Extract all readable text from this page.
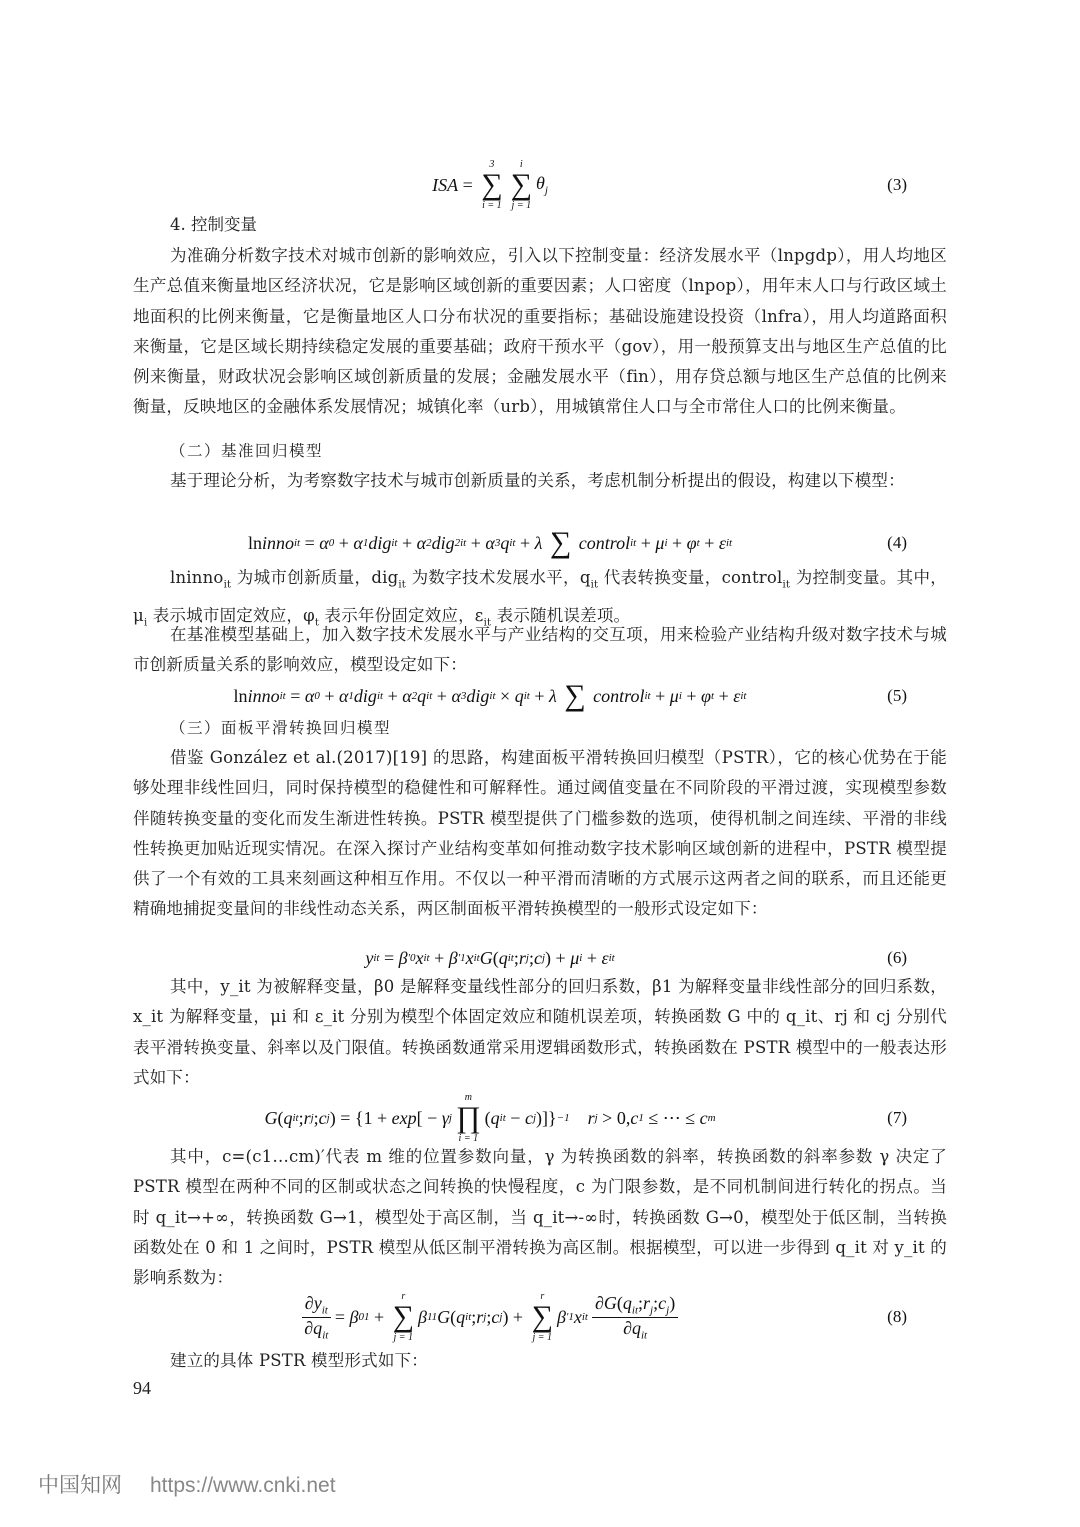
ISA =
3
∑
i = 1
i
∑
j = 1
$\theta_j$	(3)
4. 控制变量

为准确分析数字技术对城市创新的影响效应，引入以下控制变量：经济发展水平（lnpgdp），用人均地区生产总值来衡量地区经济状况，它是影响区域创新的重要因素；人口密度（lnpop），用年末人口与行政区域土地面积的比例来衡量，它是衡量地区人口分布状况的重要指标；基础设施建设投资（lnfra），用人均道路面积来衡量，它是区域长期持续稳定发展的重要基础；政府干预水平（gov），用一般预算支出与地区生产总值的比例来衡量，财政状况会影响区域创新质量的发展；金融发展水平（fin），用存贷总额与地区生产总值的比例来衡量，反映地区的金融体系发展情况；城镇化率（urb），用城镇常住人口与全市常住人口的比例来衡量。

（二）基准回归模型

基于理论分析，为考察数字技术与城市创新质量的关系，考虑机制分析提出的假设，构建以下模型：

ln inno it = α 0 + α 1 dig it + α 2 dig 2 it + α 3 q it + λ ∑ control it + μ i + φ t + ε it	(4)

lninno$_{it}$ 为城市创新质量，dig$_{it}$ 为数字技术发展水平，$q_{it}$ 代表转换变量，control$_{it}$ 为控制变量。其中，$\mu_i$ 表示城市固定效应，$\varphi_t$ 表示年份固定效应，$\varepsilon_{it}$ 表示随机误差项。

在基准模型基础上，加入数字技术发展水平与产业结构的交互项，用来检验产业结构升级对数字技术与城市创新质量关系的影响效应，模型设定如下：

ln inno it = α 0 + α 1 dig it + α 2 q it + α 3 dig it × q it + λ ∑ control it + μ i + φ t + ε it	(5)
（三）面板平滑转换回归模型

借鉴 González et al.(2017)[19] 的思路，构建面板平滑转换回归模型（PSTR），它的核心优势在于能够处理非线性回归，同时保持模型的稳健性和可解释性。通过阈值变量在不同阶段的平滑过渡，实现模型参数伴随转换变量的变化而发生渐进性转换。PSTR 模型提供了门槛参数的选项，使得机制之间连续、平滑的非线性转换更加贴近现实情况。在深入探讨产业结构变革如何推动数字技术影响区域创新的进程中，PSTR 模型提供了一个有效的工具来刻画这种相互作用。不仅以一种平滑而清晰的方式展示这两者之间的联系，而且还能更精确地捕捉变量间的非线性动态关系，两区制面板平滑转换模型的一般形式设定如下：

y it = β ′ 0 x it + β ′ 1 x it G ( q it ; r j ; c j ) + μ i + ε it	(6)

其中，y_it 为被解释变量，β0 是解释变量线性部分的回归系数，β1 为解释变量非线性部分的回归系数，x_it 为解释变量，μi 和 ε_it 分别为模型个体固定效应和随机误差项，转换函数 G 中的 q_it、rj 和 cj 分别代表平滑转换变量、斜率以及门限值。转换函数通常采用逻辑函数形式，转换函数在 PSTR 模型中的一般表达形式如下：

G ( q it ; r j ; c j ) = {1 + exp [ − γ j
m
∏
i = 1
( q it − c j )]} −1
r j > 0, c 1 ≤ ⋯ ≤ c m	(7)

其中，c=(c1…cm)′代表 m 维的位置参数向量，γ 为转换函数的斜率，转换函数的斜率参数 γ 决定了 PSTR 模型在两种不同的区制或状态之间转换的快慢程度，c 为门限参数，是不同机制间进行转化的拐点。当时 q_it→+∞，转换函数 G→1，模型处于高区制，当 q_it→-∞时，转换函数 G→0，模型处于低区制，当转换函数处在 0 和 1 之间时，PSTR 模型从低区制平滑转换为高区制。根据模型，可以进一步得到 q_it 对 y_it 的影响系数为：

$\frac{\partial y_{it}}{\partial q_{it}} = \beta$ 01 +
r
∑
j = 1
β 11 G ( q it ; r j ; c j ) +
r
∑
j = 1
β ′ 1 x it $\frac{\partial G(q_{it};r_j;c_j)}{\partial q_{it}}$	(8)

建立的具体 PSTR 模型形式如下：

94
中国知网 https://www.cnki.net
